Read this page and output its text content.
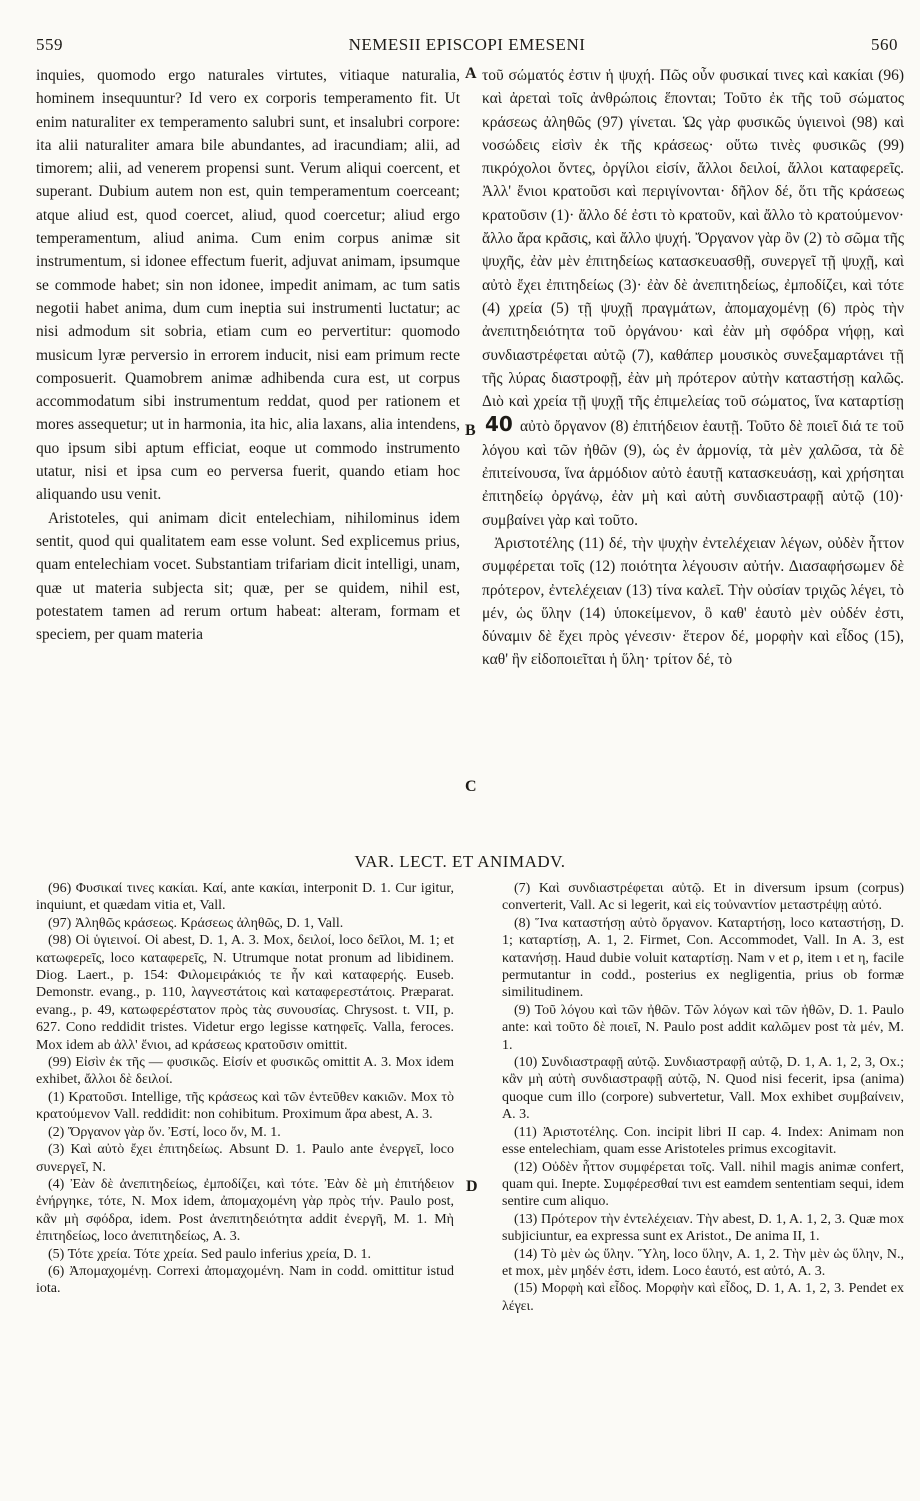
559	NEMESII EPISCOPI EMESENI	560

inquies, quomodo ergo naturales virtutes, vitiaque naturalia, hominem insequuntur? Id vero ex corporis temperamento fit. Ut enim naturaliter ex temperamento salubri sunt, et insalubri corpore: ita alii naturaliter amara bile abundantes, ad iracundiam; alii, ad timorem; alii, ad venerem propensi sunt. Verum aliqui coercent, et superant. Dubium autem non est, quin temperamentum coerceant; atque aliud est, quod coercet, aliud, quod coercetur; aliud ergo temperamentum, aliud anima. Cum enim corpus animæ sit instrumentum, si idonee effectum fuerit, adjuvat animam, ipsumque se commode habet; sin non idonee, impedit animam, ac tum satis negotii habet anima, dum cum ineptia sui instrumenti luctatur; ac nisi admodum sit sobria, etiam cum eo pervertitur: quomodo musicum lyræ perversio in errorem inducit, nisi eam primum recte composuerit. Quamobrem animæ adhibenda cura est, ut corpus accommodatum sibi instrumentum reddat, quod per rationem et mores assequetur; ut in harmonia, ita hic, alia laxans, alia intendens, quo ipsum sibi aptum efficiat, eoque ut commodo instrumento utatur, nisi et ipsa cum eo perversa fuerit, quando etiam hoc aliquando usu venit.

Aristoteles, qui animam dicit entelechiam, nihilominus idem sentit, quod qui qualitatem eam esse volunt. Sed explicemus prius, quam entelechiam vocet. Substantiam trifariam dicit intelligi, unam, quæ ut materia subjecta sit; quæ, per se quidem, nihil est, potestatem tamen ad rerum ortum habeat: alteram, formam et speciem, per quam materia

A
B
C

τοῦ σώματός ἐστιν ἡ ψυχή. Πῶς οὖν φυσικαί τινες καὶ κακίαι (96) καὶ ἀρεταὶ τοῖς ἀνθρώποις ἕπονται; Τοῦτο ἐκ τῆς τοῦ σώματος κράσεως ἀληθῶς (97) γίνεται. Ὡς γὰρ φυσικῶς ὑγιεινοὶ (98) καὶ νοσώδεις εἰσὶν ἐκ τῆς κράσεως· οὕτω τινὲς φυσικῶς (99) πικρόχολοι ὄντες, ὀργίλοι εἰσίν, ἄλλοι δειλοί, ἄλλοι καταφερεῖς. Ἀλλ' ἔνιοι κρατοῦσι καὶ περιγίνονται· δῆλον δέ, ὅτι τῆς κράσεως κρατοῦσιν (1)· ἄλλο δέ ἐστι τὸ κρατοῦν, καὶ ἄλλο τὸ κρατούμενον· ἄλλο ἄρα κρᾶσις, καὶ ἄλλο ψυχή. Ὄργανον γὰρ ὂν (2) τὸ σῶμα τῆς ψυχῆς, ἐὰν μὲν ἐπιτηδείως κατασκευασθῇ, συνεργεῖ τῇ ψυχῇ, καὶ αὐτὸ ἔχει ἐπιτηδείως (3)· ἐὰν δὲ ἀνεπιτηδείως, ἐμποδίζει, καὶ τότε (4) χρεία (5) τῇ ψυχῇ πραγμάτων, ἀπομαχομένῃ (6) πρὸς τὴν ἀνεπιτηδειότητα τοῦ ὀργάνου· καὶ ἐὰν μὴ σφόδρα νήφῃ, καὶ συνδιαστρέφεται αὐτῷ (7), καθάπερ μουσικὸς συνεξαμαρτάνει τῇ τῆς λύρας διαστροφῇ, ἐὰν μὴ πρότερον αὐτὴν καταστήσῃ καλῶς. Διὸ καὶ χρεία τῇ ψυχῇ τῆς ἐπιμελείας τοῦ σώματος, ἵνα καταρτίσῃ 40 αὐτὸ ὄργανον (8) ἐπιτήδειον ἑαυτῇ. Τοῦτο δὲ ποιεῖ διά τε τοῦ λόγου καὶ τῶν ἠθῶν (9), ὡς ἐν ἁρμονίᾳ, τὰ μὲν χαλῶσα, τὰ δὲ ἐπιτείνουσα, ἵνα ἁρμόδιον αὐτὸ ἑαυτῇ κατασκευάσῃ, καὶ χρήσηται ἐπιτηδείῳ ὀργάνῳ, ἐὰν μὴ καὶ αὐτὴ συνδιαστραφῇ αὐτῷ (10)· συμβαίνει γὰρ καὶ τοῦτο.

Ἀριστοτέλης (11) δέ, τὴν ψυχὴν ἐντελέχειαν λέγων, οὐδὲν ἧττον συμφέρεται τοῖς (12) ποιότητα λέγουσιν αὐτήν. Διασαφήσωμεν δὲ πρότερον, ἐντελέχειαν (13) τίνα καλεῖ. Τὴν οὐσίαν τριχῶς λέγει, τὸ μέν, ὡς ὕλην (14) ὑποκείμενον, ὃ καθ' ἑαυτὸ μὲν οὐδέν ἐστι, δύναμιν δὲ ἔχει πρὸς γένεσιν· ἕτερον δέ, μορφὴν καὶ εἶδος (15), καθ' ἣν εἰδοποιεῖται ἡ ὕλη· τρίτον δέ, τὸ

VAR. LECT. ET ANIMADV.

(96) Φυσικαί τινες κακίαι. Καί, ante κακίαι, interponit D. 1. Cur igitur, inquiunt, et quædam vitia et, Vall.

(97) Ἀληθῶς κράσεως. Κράσεως ἀληθῶς, D. 1, Vall.

(98) Οἱ ὑγιεινοί. Οἱ abest, D. 1, A. 3. Mox, δειλοί, loco δεῖλοι, M. 1; et κατωφερεῖς, loco καταφερεῖς, N. Utrumque notat pronum ad libidinem. Diog. Laert., p. 154: Φιλομειράκιός τε ἦν καὶ καταφερής. Euseb. Demonstr. evang., p. 110, λαγνεστάτοις καὶ καταφερεστάτοις. Præparat. evang., p. 49, κατωφερέστατον πρὸς τὰς συνουσίας. Chrysost. t. VII, p. 627. Cono reddidit tristes. Videtur ergo legisse κατηφεῖς. Valla, feroces. Mox idem ab ἀλλ' ἔνιοι, ad κράσεως κρατοῦσιν omittit.

(99) Εἰσὶν ἐκ τῆς — φυσικῶς. Εἰσίν et φυσικῶς omittit A. 3. Mox idem exhibet, ἄλλοι δὲ δειλοί.

(1) Κρατοῦσι. Intellige, τῆς κράσεως καὶ τῶν ἐντεῦθεν κακιῶν. Mox τὸ κρατούμενον Vall. reddidit: non cohibitum. Proximum ἄρα abest, A. 3.

(2) Ὄργανον γὰρ ὄν. Ἐστί, loco ὄν, M. 1.

(3) Καὶ αὐτὸ ἔχει ἐπιτηδείως. Absunt D. 1. Paulo ante ἐνεργεῖ, loco συνεργεῖ, N.

(4) Ἐὰν δὲ ἀνεπιτηδείως, ἐμποδίζει, καὶ τότε. Ἐὰν δὲ μὴ ἐπιτήδειον ἐνήργηκε, τότε, N. Mox idem, ἀπομαχομένη γὰρ πρὸς τήν. Paulo post, κἂν μὴ σφόδρα, idem. Post ἀνεπιτηδειότητα addit ἐνεργῆ, M. 1. Μὴ ἐπιτηδείως, loco ἀνεπιτηδείως, A. 3.

(5) Τότε χρεία. Τότε χρεία. Sed paulo inferius χρεία, D. 1.

(6) Ἀπομαχομένῃ. Correxi ἀπομαχομένη. Nam in codd. omittitur istud iota.

D

(7) Καὶ συνδιαστρέφεται αὐτῷ. Et in diversum ipsum (corpus) converterit, Vall. Ac si legerit, καὶ εἰς τοὐναντίον μεταστρέψῃ αὐτό.

(8) Ἵνα καταστήσῃ αὐτὸ ὄργανον. Καταρτήσῃ, loco καταστήσῃ, D. 1; καταρτίσῃ, A. 1, 2. Firmet, Con. Accommodet, Vall. In A. 3, est κατανήσῃ. Haud dubie voluit καταρτίσῃ. Nam ν et ρ, item ι et η, facile permutantur in codd., posterius ex negligentia, prius ob formæ similitudinem.

(9) Τοῦ λόγου καὶ τῶν ἠθῶν. Τῶν λόγων καὶ τῶν ἠθῶν, D. 1. Paulo ante: καὶ τοῦτο δὲ ποιεῖ, N. Paulo post addit καλῶμεν post τὰ μέν, M. 1.

(10) Συνδιαστραφῇ αὐτῷ. Συνδιαστραφῇ αὐτῷ, D. 1, A. 1, 2, 3, Ox.; κἂν μὴ αὐτὴ συνδιαστραφῇ αὐτῷ, N. Quod nisi fecerit, ipsa (anima) quoque cum illo (corpore) subvertetur, Vall. Mox exhibet συμβαίνειν, A. 3.

(11) Ἀριστοτέλης. Con. incipit libri II cap. 4. Index: Animam non esse entelechiam, quam esse Aristoteles primus excogitavit.

(12) Οὐδὲν ἧττον συμφέρεται τοῖς. Vall. nihil magis animæ confert, quam qui. Inepte. Συμφέρεσθαί τινι est eamdem sententiam sequi, idem sentire cum aliquo.

(13) Πρότερον τὴν ἐντελέχειαν. Τὴν abest, D. 1, A. 1, 2, 3. Quæ mox subjiciuntur, ea expressa sunt ex Aristot., De anima II, 1.

(14) Τὸ μὲν ὡς ὕλην. Ὕλη, loco ὕλην, A. 1, 2. Τὴν μὲν ὡς ὕλην, N., et mox, μὲν μηδέν ἐστι, idem. Loco ἑαυτό, est αὐτό, A. 3.

(15) Μορφὴ καὶ εἶδος. Μορφὴν καὶ εἶδος, D. 1, A. 1, 2, 3. Pendet ex λέγει.
